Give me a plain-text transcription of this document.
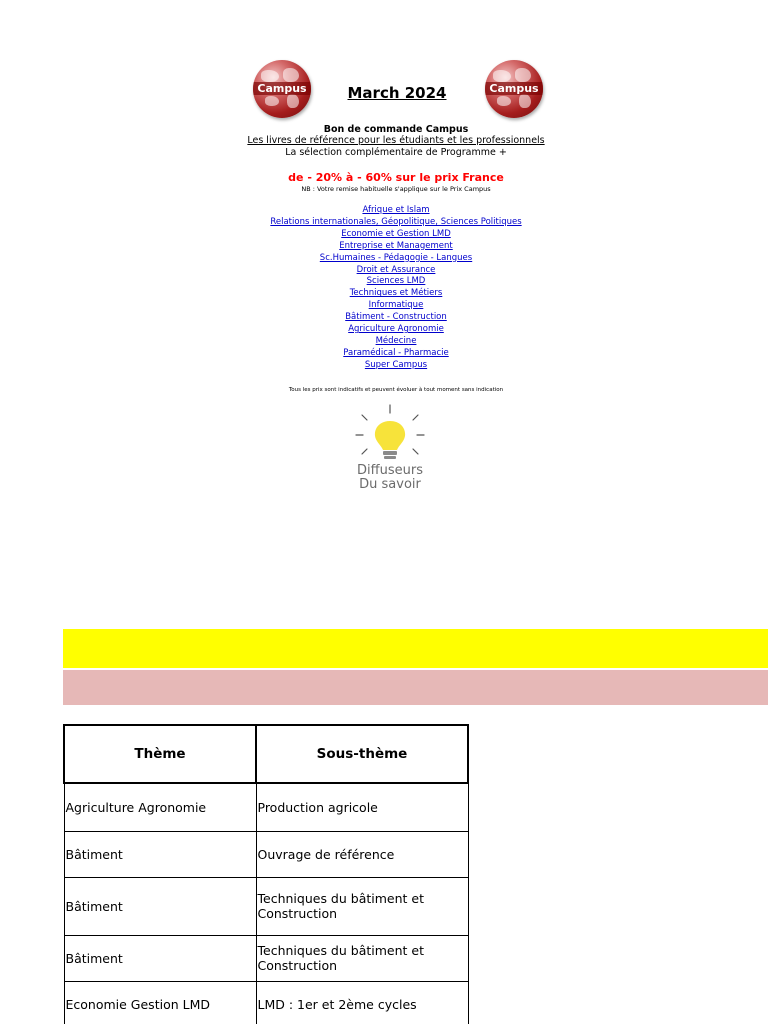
Campus	March 2024	Campus
Bon de commande Campus
Les livres de référence pour les étudiants et les professionnels
La sélection complémentaire de Programme +
de - 20% à - 60% sur le prix France
NB : Votre remise habituelle s'applique sur le Prix Campus
Afrique et Islam
Relations internationales, Géopolitique, Sciences Politiques
Economie et Gestion LMD
Entreprise et Management
Sc.Humaines - Pédagogie - Langues
Droit et Assurance
Sciences LMD
Techniques et Métiers
Informatique
Bâtiment - Construction
Agriculture Agronomie
Médecine
Paramédical - Pharmacie
Super Campus
Tous les prix sont indicatifs et peuvent évoluer à tout moment sans indication
Diffuseurs
Du savoir
Thème	Sous-thème
Agriculture Agronomie	Production agricole
Bâtiment	Ouvrage de référence
Bâtiment	Techniques du bâtiment et Construction
Bâtiment	Techniques du bâtiment et Construction
Economie Gestion LMD	LMD : 1er et 2ème cycles
